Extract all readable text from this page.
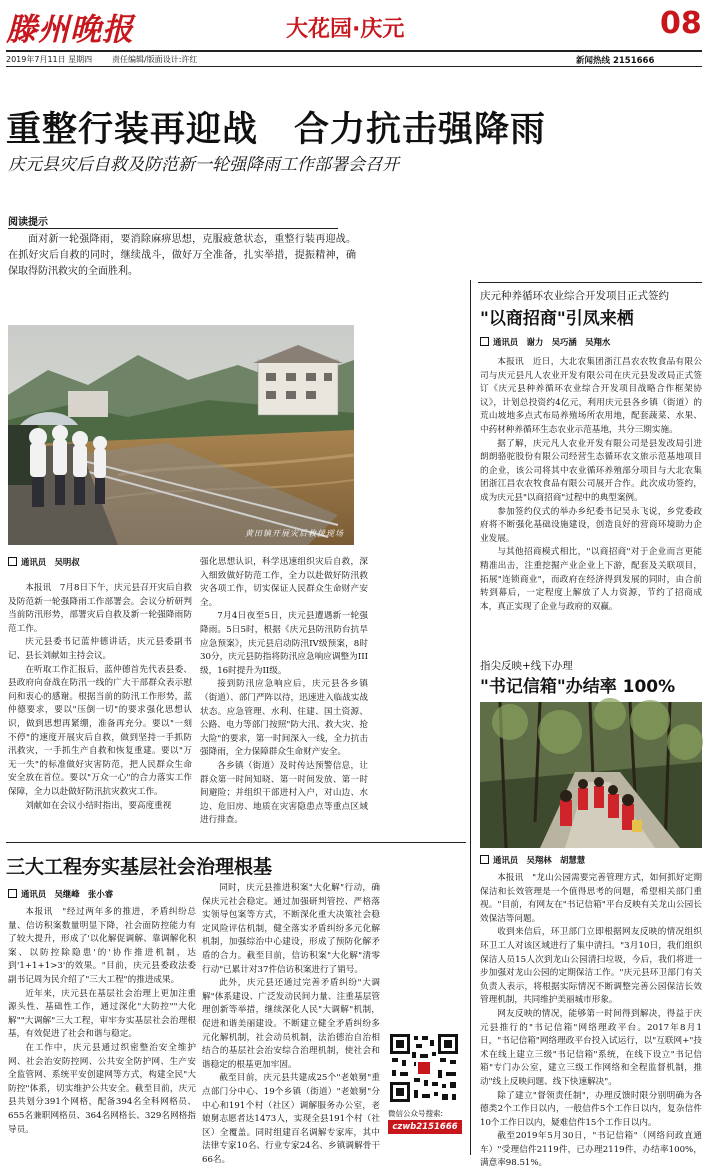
滕州晚报	大花园·庆元	08
2019年7月11日 星期四 责任编辑/版面设计:许红	新闻热线 2151666
重整行装再迎战　合力抗击强降雨
庆元县灾后自救及防范新一轮强降雨工作部署会召开
阅读提示
面对新一轮强降雨，要消除麻痹思想，克服疲惫状态，重整行装再迎战。在抓好灾后自救的同时，继续战斗，做好万全准备，扎实举措，提振精神，确保取得防汛救灾的全面胜利。
黄田镇开展灾后救援现场
通讯员　吴明叔
本报讯　7月8日下午，庆元县召开灾后自救及防范新一轮强降雨工作部署会。会议分析研判当前防汛形势，部署灾后自救及新一轮强降雨防范工作。
庆元县委书记蓝仲德讲话，庆元县委副书记、县长刘献如主持会议。
在听取工作汇报后，蓝仲德首先代表县委、县政府向奋战在防汛一线的广大干部群众表示慰问和衷心的感谢。根据当前的防汛工作形势，蓝仲德要求，要以"压倒一切"的要求强化思想认识，做到思想再紧绷，准备再充分。要以"一刻不停"的速度开展灾后自救，做到坚持一手抓防汛救灾，一手抓生产自救和恢复重建。要以"万无一失"的标准做好灾害防范，把人民群众生命安全放在首位。要以"万众一心"的合力落实工作保障，全力以赴做好防汛抗灾救灾工作。
刘献如在会议小结时指出，要高度重视
强化思想认识，科学迅速组织灾后自救，深入细致做好防范工作，全力以赴做好防汛救灾各项工作，切实保证人民群众生命财产安全。
7月4日夜至5日，庆元县遭遇新一轮强降雨。5日5时，根据《庆元县防汛防台抗旱应急预案》，庆元县启动防汛IV级预案，8时30分，庆元县防指将防汛应急响应调整为III级，16时提升为II级。
接到防汛应急响应后，庆元县各乡镇（街道）、部门严阵以待，迅速进入临战实战状态。应急管理、水利、住建、国土资源、公路、电力等部门按照"防大汛、救大灾、抢大险"的要求，第一时间深入一线，全力抗击强降雨，全力保障群众生命财产安全。
各乡镇（街道）及时传达预警信息，让群众第一时间知晓、第一时间发放、第一时间避险；并组织干部进村入户，对山边、水边、危旧房、地质在灾害隐患点等重点区域进行排查。
三大工程夯实基层社会治理根基
通讯员　吴继峰　张小睿
本报讯　"经过两年多的推进，矛盾纠纷总量、信访积案数量明显下降，社会面防控能力有了较大提升，形成了'以化解促调解、靠调解化积案、以防控除隐患'的'协作推进机制，达到'1+1+1>3'的效果。"目前，庆元县委政法委副书记周为民介绍了"三大工程"的推进成果。
近年来，庆元县在基层社会治理上更加注重源头性、基础性工作，通过深化"大防控""大化解""大调解"三大工程，审牢夯实基层社会治理根基，有效促进了社会和谐与稳定。
在工作中，庆元县通过织密整治安全维护网、社会治安防控网、公共安全防护网、生产安全监管网、系统平安创建网等方式，构建全民"大防控"体系，切实维护公共安全。截至目前，庆元县共划分391个网格，配备394名全科网格员、655名兼职网格员、364名网格长、329名网格指导员。
同时，庆元县推进积案"大化解"行动，确保庆元社会稳定。通过加强研判管控、严格落实领导包案等方式，不断深化重大决策社会稳定风险评估机制，健全落实矛盾纠纷多元化解机制，加强综治中心建设，形成了预防化解矛盾的合力。截至目前，信访积案"大化解"清零行动"已累计对37件信访积案进行了销号。
此外，庆元县还通过完善矛盾纠纷"大调解"体系建设、广泛发动民间力量、注重基层管理创新等举措，继续深化人民"大调解"机制，促进和谐美丽建设。不断建立健全矛盾纠纷多元化解机制，社会动员机制，法治德治自治相结合的基层社会治安综合治理机制，使社会和谐稳定的根基更加牢固。
截至目前，庆元县共建成25个"老娘舅"重点部门分中心、19个乡镇（街道）"老娘舅"分中心和191个村（社区）调解服务办公室，老娘舅志愿者达1473人，实现全县191个村（社区）全覆盖。同时组建百名调解专家库，其中法律专家10名、行业专家24名、乡镇调解骨干66名。
微信公众号搜索:
czwb2151666
庆元种养循环农业综合开发项目正式签约
"以商招商"引凤来栖
通讯员　谢力　吴巧涵　吴翔水
本报讯　近日，大北农集团浙江昌农农牧食品有限公司与庆元县凡人农业开发有限公司在庆元县发改局正式签订《庆元县种养循环农业综合开发项目战略合作框架协议》，计划总投资约4亿元，利用庆元县各乡镇（街道）的荒山坡地多点式布局养殖场所农用地，配套蔬菜、水果、中药材种养循环生态农业示范基地，共分三期实施。
据了解，庆元凡人农业开发有限公司是县发改局引进朗朗骆驼股份有限公司经营生态循环农文旅示范基地项目的企业，该公司将其中农业循环养殖部分项目与大北农集团浙江昌农农牧食品有限公司展开合作。此次成功签约，成为庆元县"以商招商"过程中的典型案例。
参加签约仪式的举办乡纪委书记吴永飞说，乡党委政府将不断强化基础设施建设，创造良好的营商环境助力企业发展。
与其他招商模式相比，"以商招商"对于企业而言更能精准出击，注重挖掘产业企业上下游，配套及关联项目，拓展"连锁商业"，而政府在经济得到发展的同时，由合前转到幕后，一定程度上解放了人力资源，节约了招商成本，真正实现了企业与政府的双赢。
指尖反映+线下办理
"书记信箱"办结率 100%
通讯员　吴翔林　胡慧慧
本报讯　"龙山公园需要完善管理方式，如何抓好定期保洁和长效管理是一个值得思考的问题，希望相关部门重视。"目前，有网友在"书记信箱"平台反映有关龙山公园长效保洁等问题。
收到来信后，环卫部门立即根据网友反映的情况组织环卫工人对该区域进行了集中清扫。"3月10日，我们组织保洁人员15人次到龙山公园清扫垃圾，今后，我们将进一步加强对龙山公园的定期保洁工作。"庆元县环卫部门有关负责人表示，将根据实际情况不断调整完善公园保洁长效管理机制，共同维护美丽城市形象。
网友反映的情况，能够第一时间得到解决，得益于庆元县推行的"书记信箱"网络理政平台。2017年8月1日，"书记信箱"网络理政平台投入试运行，以"互联网+"技术在线上建立三级"书记信箱"系统，在线下设立"书记信箱"专门办公室，建立三级工作网络和全程监督机制，推动"线上反映问题、线下快速解决"。
除了建立"督领责任制"，办理反馈时限分别明确为各德类2个工作日以内，一般信件5个工作日以内，复杂信件10个工作日以内，疑难信件15个工作日以内。
截至2019年5月30日，"书记信箱"（网络问政直通车）"受理信件2119件，已办理2119件，办结率100%，满意率98.51%。
